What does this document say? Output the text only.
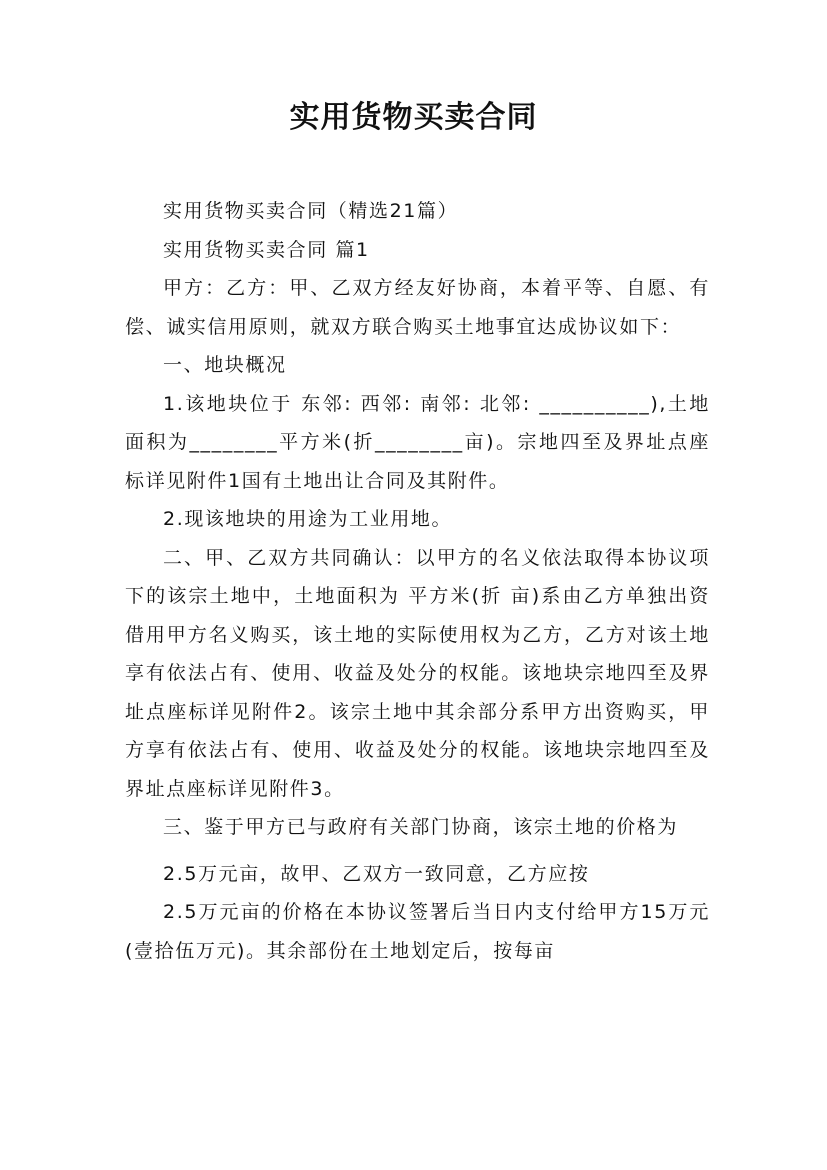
实用货物买卖合同

实用货物买卖合同（精选21篇）

实用货物买卖合同 篇1

甲方：乙方：甲、乙双方经友好协商，本着平等、自愿、有偿、诚实信用原则，就双方联合购买土地事宜达成协议如下：

一、地块概况

1.该地块位于 东邻: 西邻: 南邻: 北邻: __________),土地面积为________平方米(折________亩)。宗地四至及界址点座标详见附件1国有土地出让合同及其附件。

2.现该地块的用途为工业用地。

二、甲、乙双方共同确认：以甲方的名义依法取得本协议项下的该宗土地中，土地面积为 平方米(折 亩)系由乙方单独出资借用甲方名义购买，该土地的实际使用权为乙方，乙方对该土地享有依法占有、使用、收益及处分的权能。该地块宗地四至及界址点座标详见附件2。该宗土地中其余部分系甲方出资购买，甲方享有依法占有、使用、收益及处分的权能。该地块宗地四至及界址点座标详见附件3。

三、鉴于甲方已与政府有关部门协商，该宗土地的价格为

2.5万元亩，故甲、乙双方一致同意，乙方应按

2.5万元亩的价格在本协议签署后当日内支付给甲方15万元(壹拾伍万元)。其余部份在土地划定后，按每亩
